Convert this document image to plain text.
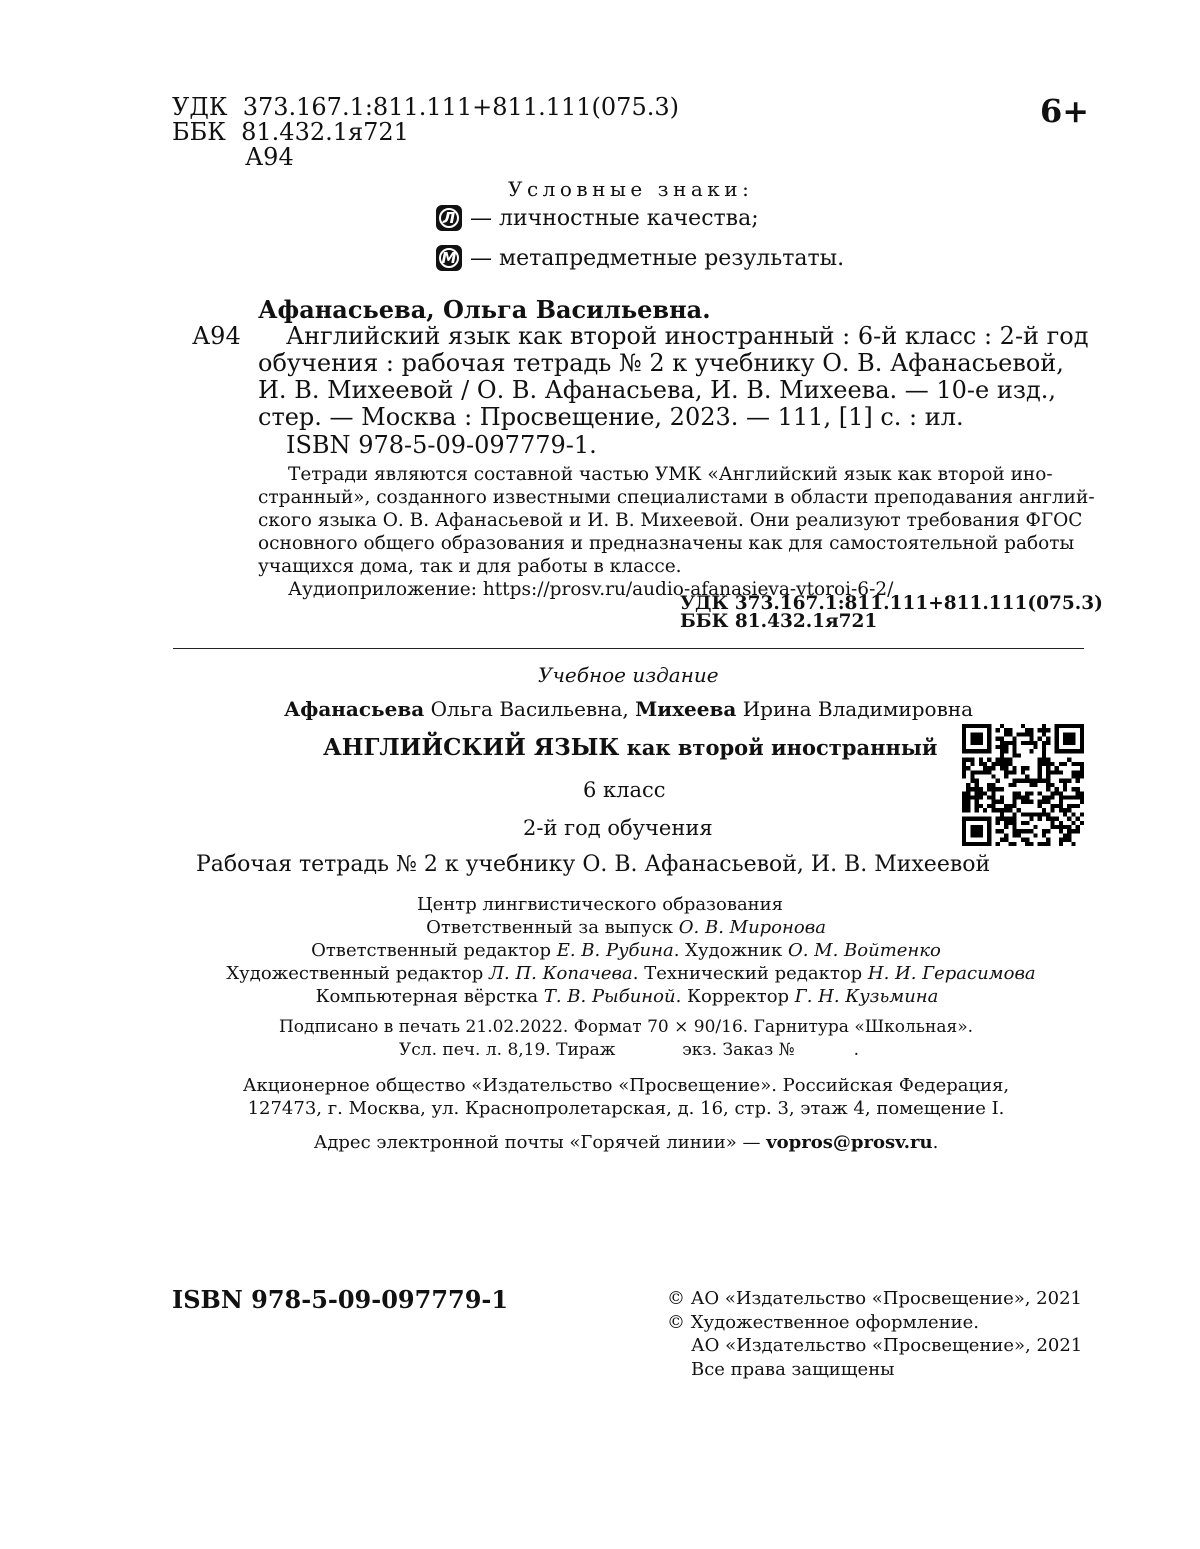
УДК 373.167.1:811.111+811.111(075.3)
ББК 81.432.1я721
А94
6+
Условные знаки:
Л — личностные качества;
М — метапредметные результаты.
Афанасьева, Ольга Васильевна.
А94 Английский язык как второй иностранный : 6-й класс : 2-й год
обучения : рабочая тетрадь № 2 к учебнику О. В. Афанасьевой,
И. В. Михеевой / О. В. Афанасьева, И. В. Михеева. — 10-е изд.,
стер. — Москва : Просвещение, 2023. — 111, [1] с. : ил.
ISBN 978-5-09-097779-1.
Тетради являются составной частью УМК «Английский язык как второй ино-
странный», созданного известными специалистами в области преподавания англий-
ского языка О. В. Афанасьевой и И. В. Михеевой. Они реализуют требования ФГОС
основного общего образования и предназначены как для самостоятельной работы
учащихся дома, так и для работы в классе.
Аудиоприложение: https://prosv.ru/audio-afanasieva-vtoroi-6-2/
УДК 373.167.1:811.111+811.111(075.3)
ББК 81.432.1я721
Учебное издание
Афанасьева Ольга Васильевна, Михеева Ирина Владимировна
АНГЛИЙСКИЙ ЯЗЫК как второй иностранный
6 класс
2-й год обучения
Рабочая тетрадь № 2 к учебнику О. В. Афанасьевой, И. В. Михеевой
Центр лингвистического образования
Ответственный за выпуск О. В. Миронова
Ответственный редактор Е. В. Рубина. Художник О. М. Войтенко
Художественный редактор Л. П. Копачева. Технический редактор Н. И. Герасимова
Компьютерная вёрстка Т. В. Рыбиной. Корректор Г. Н. Кузьмина
Подписано в печать 21.02.2022. Формат 70 × 90/16. Гарнитура «Школьная».
Усл. печ. л. 8,19. Тираж	экз. Заказ №	.
Акционерное общество «Издательство «Просвещение». Российская Федерация,
127473, г. Москва, ул. Краснопролетарская, д. 16, стр. 3, этаж 4, помещение I.
Адрес электронной почты «Горячей линии» — vopros@prosv.ru.
ISBN 978-5-09-097779-1	© АО «Издательство «Просвещение», 2021
© Художественное оформление.
АО «Издательство «Просвещение», 2021
Все права защищены
